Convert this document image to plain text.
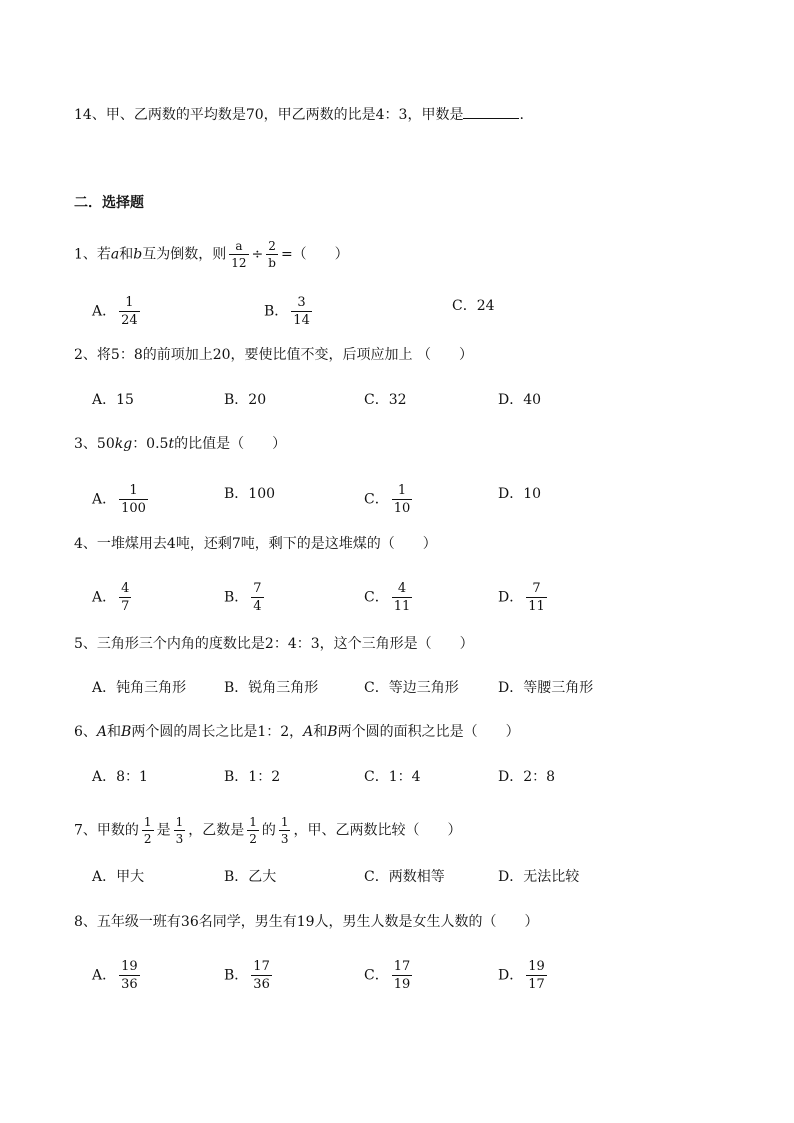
14、甲、乙两数的平均数是70，甲乙两数的比是4：3，甲数是	.
二．选择题
1、若a和b互为倒数，则 $\frac{a}{12} \div \frac{2}{b}$ =（　　）
A． $\frac{1}{24}$	B． $\frac{3}{14}$	C．24
2、将5：8的前项加上20，要使比值不变，后项应加上 （　　）
A．15	B．20	C．32	D．40
3、50kg：0.5t的比值是（　　）
A． $\frac{1}{100}$	B．100	C． $\frac{1}{10}$	D．10
4、一堆煤用去4吨，还剩7吨，剩下的是这堆煤的（　　）
A． $\frac{4}{7}$	B． $\frac{7}{4}$	C． $\frac{4}{11}$	D． $\frac{7}{11}$
5、三角形三个内角的度数比是2：4：3，这个三角形是（　　）
A．钝角三角形	B．锐角三角形	C．等边三角形	D．等腰三角形
6、A和B两个圆的周长之比是1：2，A和B两个圆的面积之比是（　　）
A．8：1	B．1：2	C．1：4	D．2：8
7、甲数的 $\frac{1}{2}$ 是 $\frac{1}{3}$ ，乙数是 $\frac{1}{2}$ 的 $\frac{1}{3}$ ，甲、乙两数比较（　　）
A．甲大	B．乙大	C．两数相等	D．无法比较
8、五年级一班有36名同学，男生有19人，男生人数是女生人数的（　　）
A． $\frac{19}{36}$	B． $\frac{17}{36}$	C． $\frac{17}{19}$	D． $\frac{19}{17}$
